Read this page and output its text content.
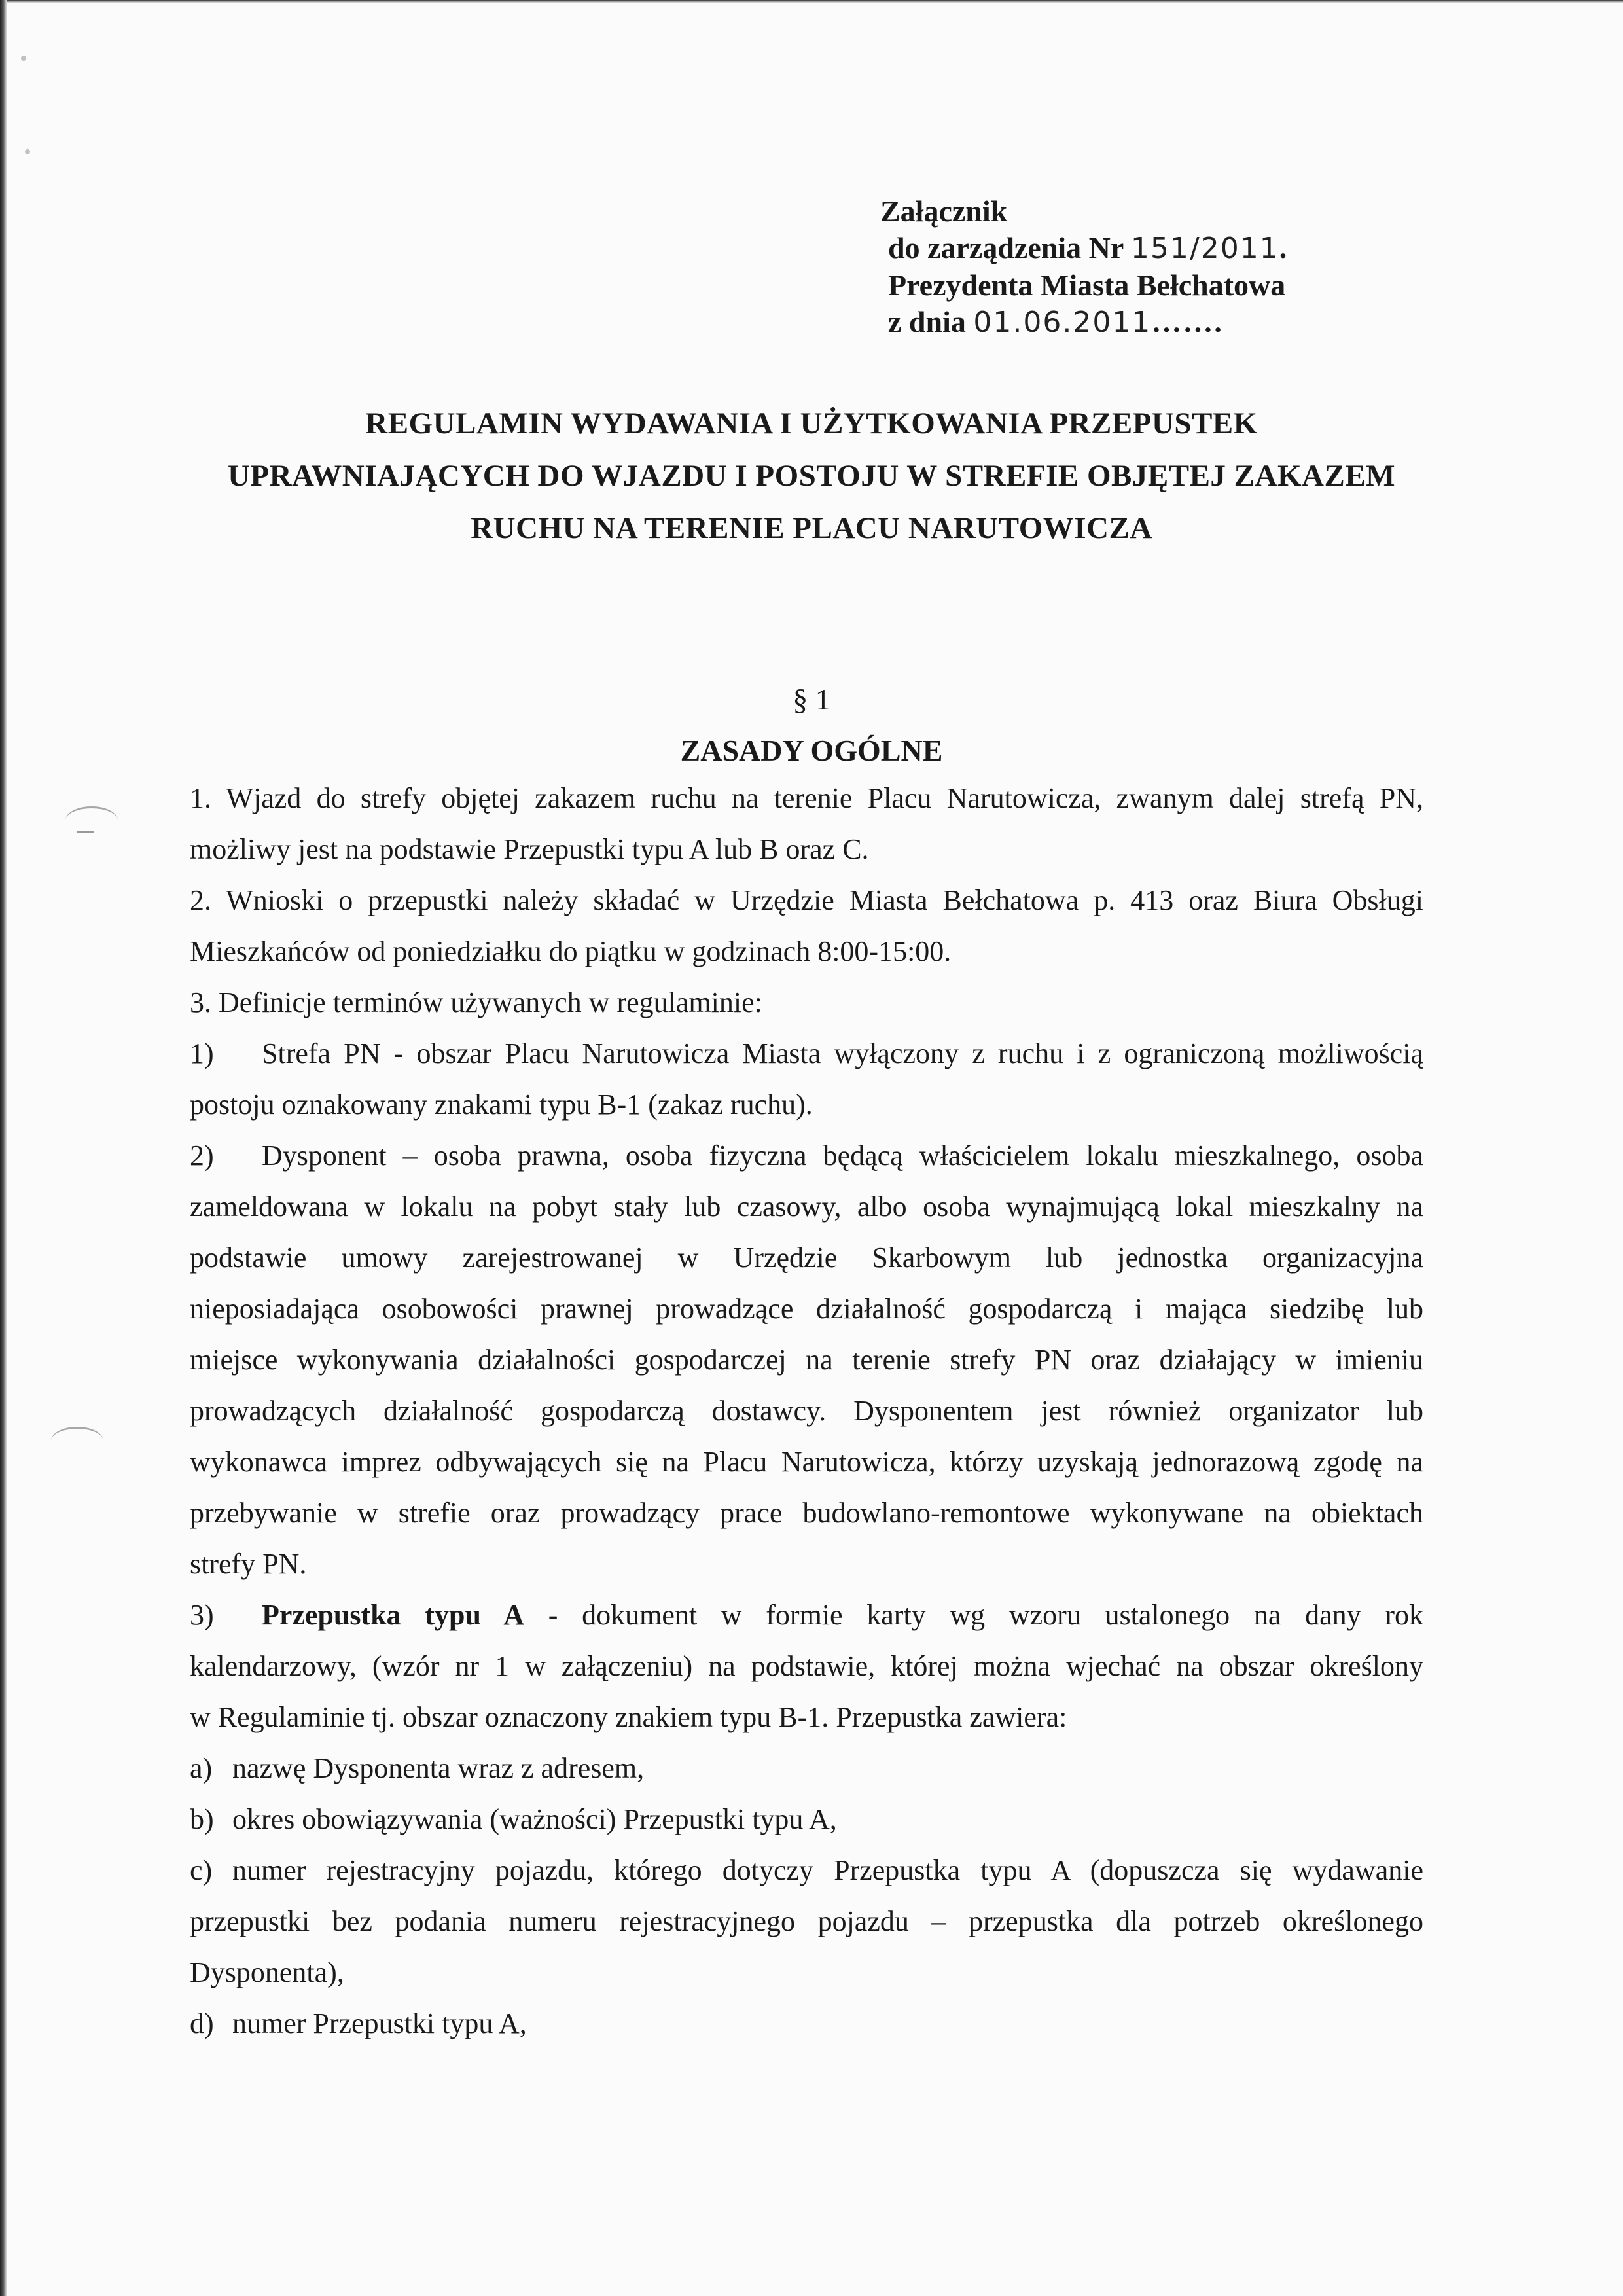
Załącznik
do zarządzenia Nr 151/2011.
Prezydenta Miasta Bełchatowa
z dnia 01.06.2011…….
REGULAMIN WYDAWANIA I UŻYTKOWANIA PRZEPUSTEK
UPRAWNIAJĄCYCH DO WJAZDU I POSTOJU W STREFIE OBJĘTEJ ZAKAZEM
RUCHU NA TERENIE PLACU NARUTOWICZA
§ 1
ZASADY OGÓLNE
1. Wjazd do strefy objętej zakazem ruchu na terenie Placu Narutowicza, zwanym dalej strefą PN,
możliwy jest na podstawie Przepustki typu A lub B oraz C.
2. Wnioski o przepustki należy składać w Urzędzie Miasta Bełchatowa p. 413 oraz Biura Obsługi
Mieszkańców od poniedziałku do piątku w godzinach 8:00-15:00.
3. Definicje terminów używanych w regulaminie:
1) Strefa PN - obszar Placu Narutowicza Miasta wyłączony z ruchu i z ograniczoną możliwością
postoju oznakowany znakami typu B-1 (zakaz ruchu).
2) Dysponent – osoba prawna, osoba fizyczna będącą właścicielem lokalu mieszkalnego, osoba
zameldowana w lokalu na pobyt stały lub czasowy, albo osoba wynajmującą lokal mieszkalny na
podstawie umowy zarejestrowanej w Urzędzie Skarbowym lub jednostka organizacyjna
nieposiadająca osobowości prawnej prowadzące działalność gospodarczą i mająca siedzibę lub
miejsce wykonywania działalności gospodarczej na terenie strefy PN oraz działający w imieniu
prowadzących działalność gospodarczą dostawcy. Dysponentem jest również organizator lub
wykonawca imprez odbywających się na Placu Narutowicza, którzy uzyskają jednorazową zgodę na
przebywanie w strefie oraz prowadzący prace budowlano-remontowe wykonywane na obiektach
strefy PN.
3) Przepustka typu A - dokument w formie karty wg wzoru ustalonego na dany rok
kalendarzowy, (wzór nr 1 w załączeniu) na podstawie, której można wjechać na obszar określony
w Regulaminie tj. obszar oznaczony znakiem typu B-1. Przepustka zawiera:
a) nazwę Dysponenta wraz z adresem,
b) okres obowiązywania (ważności) Przepustki typu A,
c) numer rejestracyjny pojazdu, którego dotyczy Przepustka typu A (dopuszcza się wydawanie
przepustki bez podania numeru rejestracyjnego pojazdu – przepustka dla potrzeb określonego
Dysponenta),
d) numer Przepustki typu A,
